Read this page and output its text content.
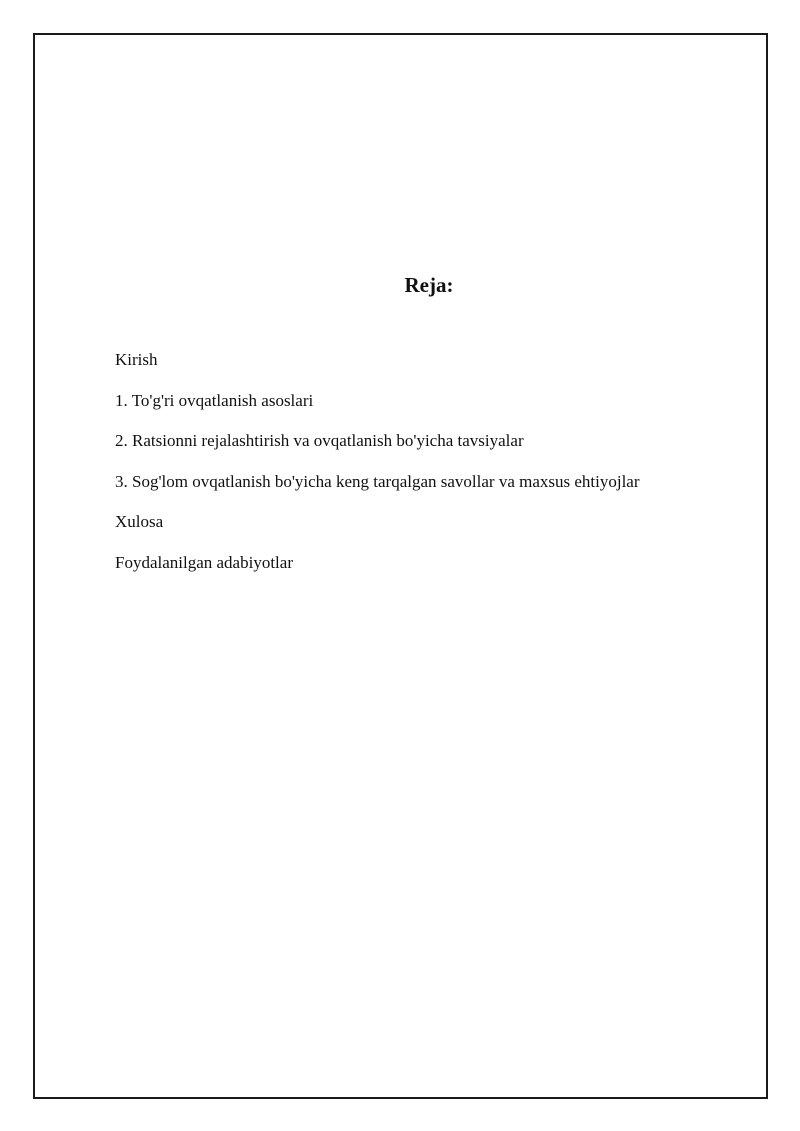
Reja:
Kirish
1. To'g'ri ovqatlanish asoslari
2. Ratsionni rejalashtirish va ovqatlanish bo'yicha tavsiyalar
3. Sog'lom ovqatlanish bo'yicha keng tarqalgan savollar va maxsus ehtiyojlar
Xulosa
Foydalanilgan adabiyotlar
